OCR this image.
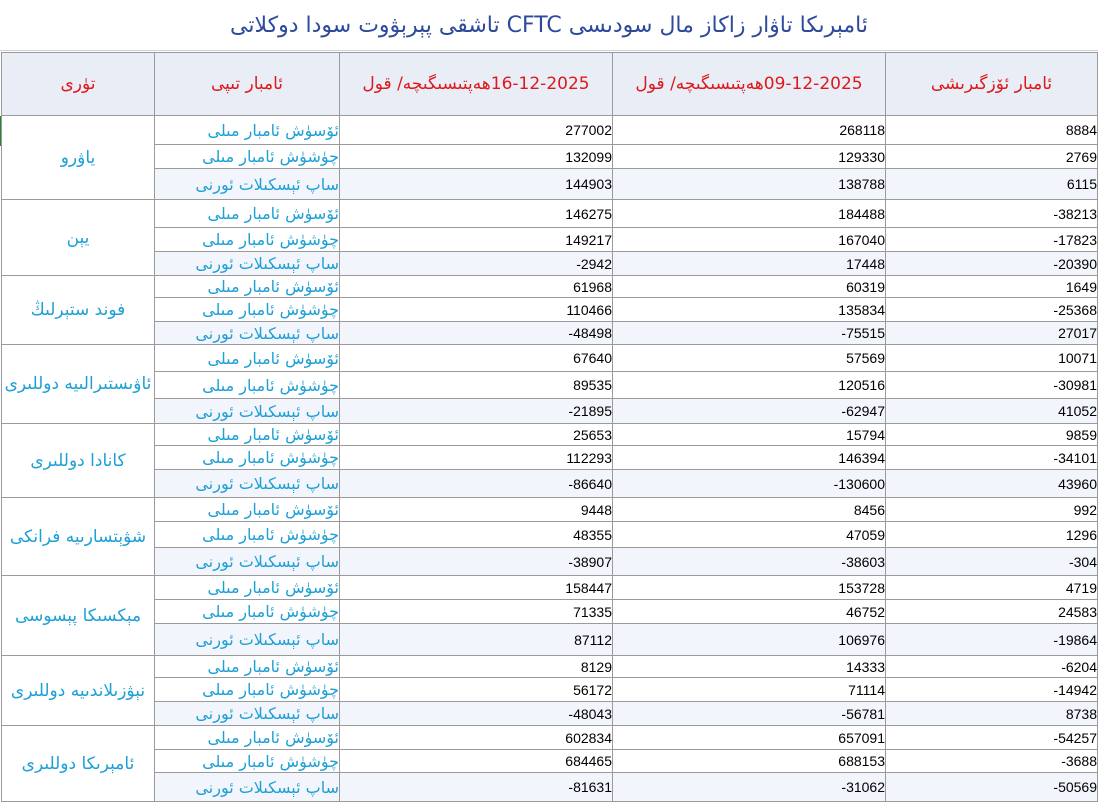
ئامېرىكا تاۋار زاكاز مال سودىسى CFTC تاشقى پېرېۋوت سودا دوكلاتى
تۈرى	ئامبار تىپى	16-12-2025ھەپتىسىگىچە/ قول	09-12-2025ھەپتىسىگىچە/ قول	ئامبار ئۆزگىرىشى
ياۋرو	ئۆسۈش ئامبار مىلى	277002	268118	8884
	چۈشۈش ئامبار مىلى	132099	129330	2769
	ساپ ئېسكىلات ئورنى	144903	138788	6115
يېن	ئۆسۈش ئامبار مىلى	146275	184488	-38213
	چۈشۈش ئامبار مىلى	149217	167040	-17823
	ساپ ئېسكىلات ئورنى	-2942	17448	-20390
فوند ستېرلىڭ	ئۆسۈش ئامبار مىلى	61968	60319	1649
	چۈشۈش ئامبار مىلى	110466	135834	-25368
	ساپ ئېسكىلات ئورنى	-48498	-75515	27017
ئاۋىستىرالىيە دوللىرى	ئۆسۈش ئامبار مىلى	67640	57569	10071
	چۈشۈش ئامبار مىلى	89535	120516	-30981
	ساپ ئېسكىلات ئورنى	-21895	-62947	41052
كانادا دوللىرى	ئۆسۈش ئامبار مىلى	25653	15794	9859
	چۈشۈش ئامبار مىلى	112293	146394	-34101
	ساپ ئېسكىلات ئورنى	-86640	-130600	43960
شۋېتسارىيە فرانكى	ئۆسۈش ئامبار مىلى	9448	8456	992
	چۈشۈش ئامبار مىلى	48355	47059	1296
	ساپ ئېسكىلات ئورنى	-38907	-38603	-304
مېكسىكا پېسوسى	ئۆسۈش ئامبار مىلى	158447	153728	4719
	چۈشۈش ئامبار مىلى	71335	46752	24583
	ساپ ئېسكىلات ئورنى	87112	106976	-19864
نېۋزىلاندىيە دوللىرى	ئۆسۈش ئامبار مىلى	8129	14333	-6204
	چۈشۈش ئامبار مىلى	56172	71114	-14942
	ساپ ئېسكىلات ئورنى	-48043	-56781	8738
ئامېرىكا دوللىرى	ئۆسۈش ئامبار مىلى	602834	657091	-54257
	چۈشۈش ئامبار مىلى	684465	688153	-3688
	ساپ ئېسكىلات ئورنى	-81631	-31062	-50569
